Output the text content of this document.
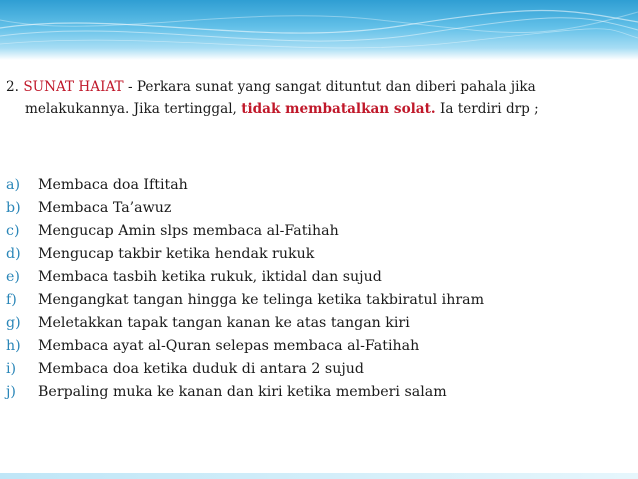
2. SUNAT HAIAT - Perkara sunat yang sangat dituntut dan diberi pahala jika
melakukannya. Jika tertinggal, tidak membatalkan solat. Ia terdiri drp ;
a) Membaca doa Iftitah
b) Membaca Ta’awuz
c) Mengucap Amin slps membaca al-Fatihah
d) Mengucap takbir ketika hendak rukuk
e) Membaca tasbih ketika rukuk, iktidal dan sujud
f) Mengangkat tangan hingga ke telinga ketika takbiratul ihram
g) Meletakkan tapak tangan kanan ke atas tangan kiri
h) Membaca ayat al-Quran selepas membaca al-Fatihah
i) Membaca doa ketika duduk di antara 2 sujud
j) Berpaling muka ke kanan dan kiri ketika memberi salam
